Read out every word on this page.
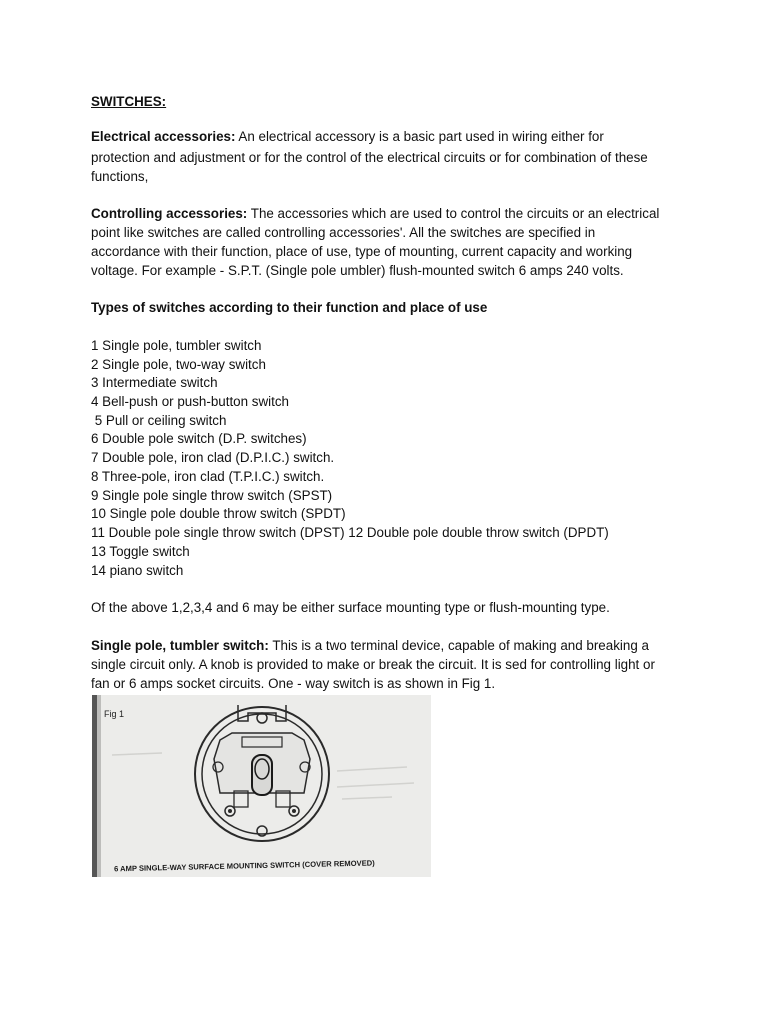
SWITCHES:

Electrical accessories: An electrical accessory is a basic part used in wiring either for

protection and adjustment or for the control of the electrical circuits or for combination of these

functions,

Controlling accessories: The accessories which are used to control the circuits or an electrical

point like switches are called controlling accessories'. All the switches are specified in

accordance with their function, place of use, type of mounting, current capacity and working

voltage. For example - S.P.T. (Single pole umbler) flush-mounted switch 6 amps 240 volts.

Types of switches according to their function and place of use

1 Single pole, tumbler switch

2 Single pole, two-way switch

3 Intermediate switch

4 Bell-push or push-button switch

5 Pull or ceiling switch

6 Double pole switch (D.P. switches)

7 Double pole, iron clad (D.P.I.C.) switch.

8 Three-pole, iron clad (T.P.I.C.) switch.

9 Single pole single throw switch (SPST)

10 Single pole double throw switch (SPDT)

11 Double pole single throw switch (DPST) 12 Double pole double throw switch (DPDT)

13 Toggle switch

14 piano switch

Of the above 1,2,3,4 and 6 may be either surface mounting type or flush-mounting type.

Single pole, tumbler switch: This is a two terminal device, capable of making and breaking a

single circuit only. A knob is provided to make or break the circuit. It is sed for controlling light or

fan or 6 amps socket circuits. One - way switch is as shown in Fig 1.

Fig 1
6 AMP SINGLE-WAY SURFACE MOUNTING SWITCH (COVER REMOVED)
